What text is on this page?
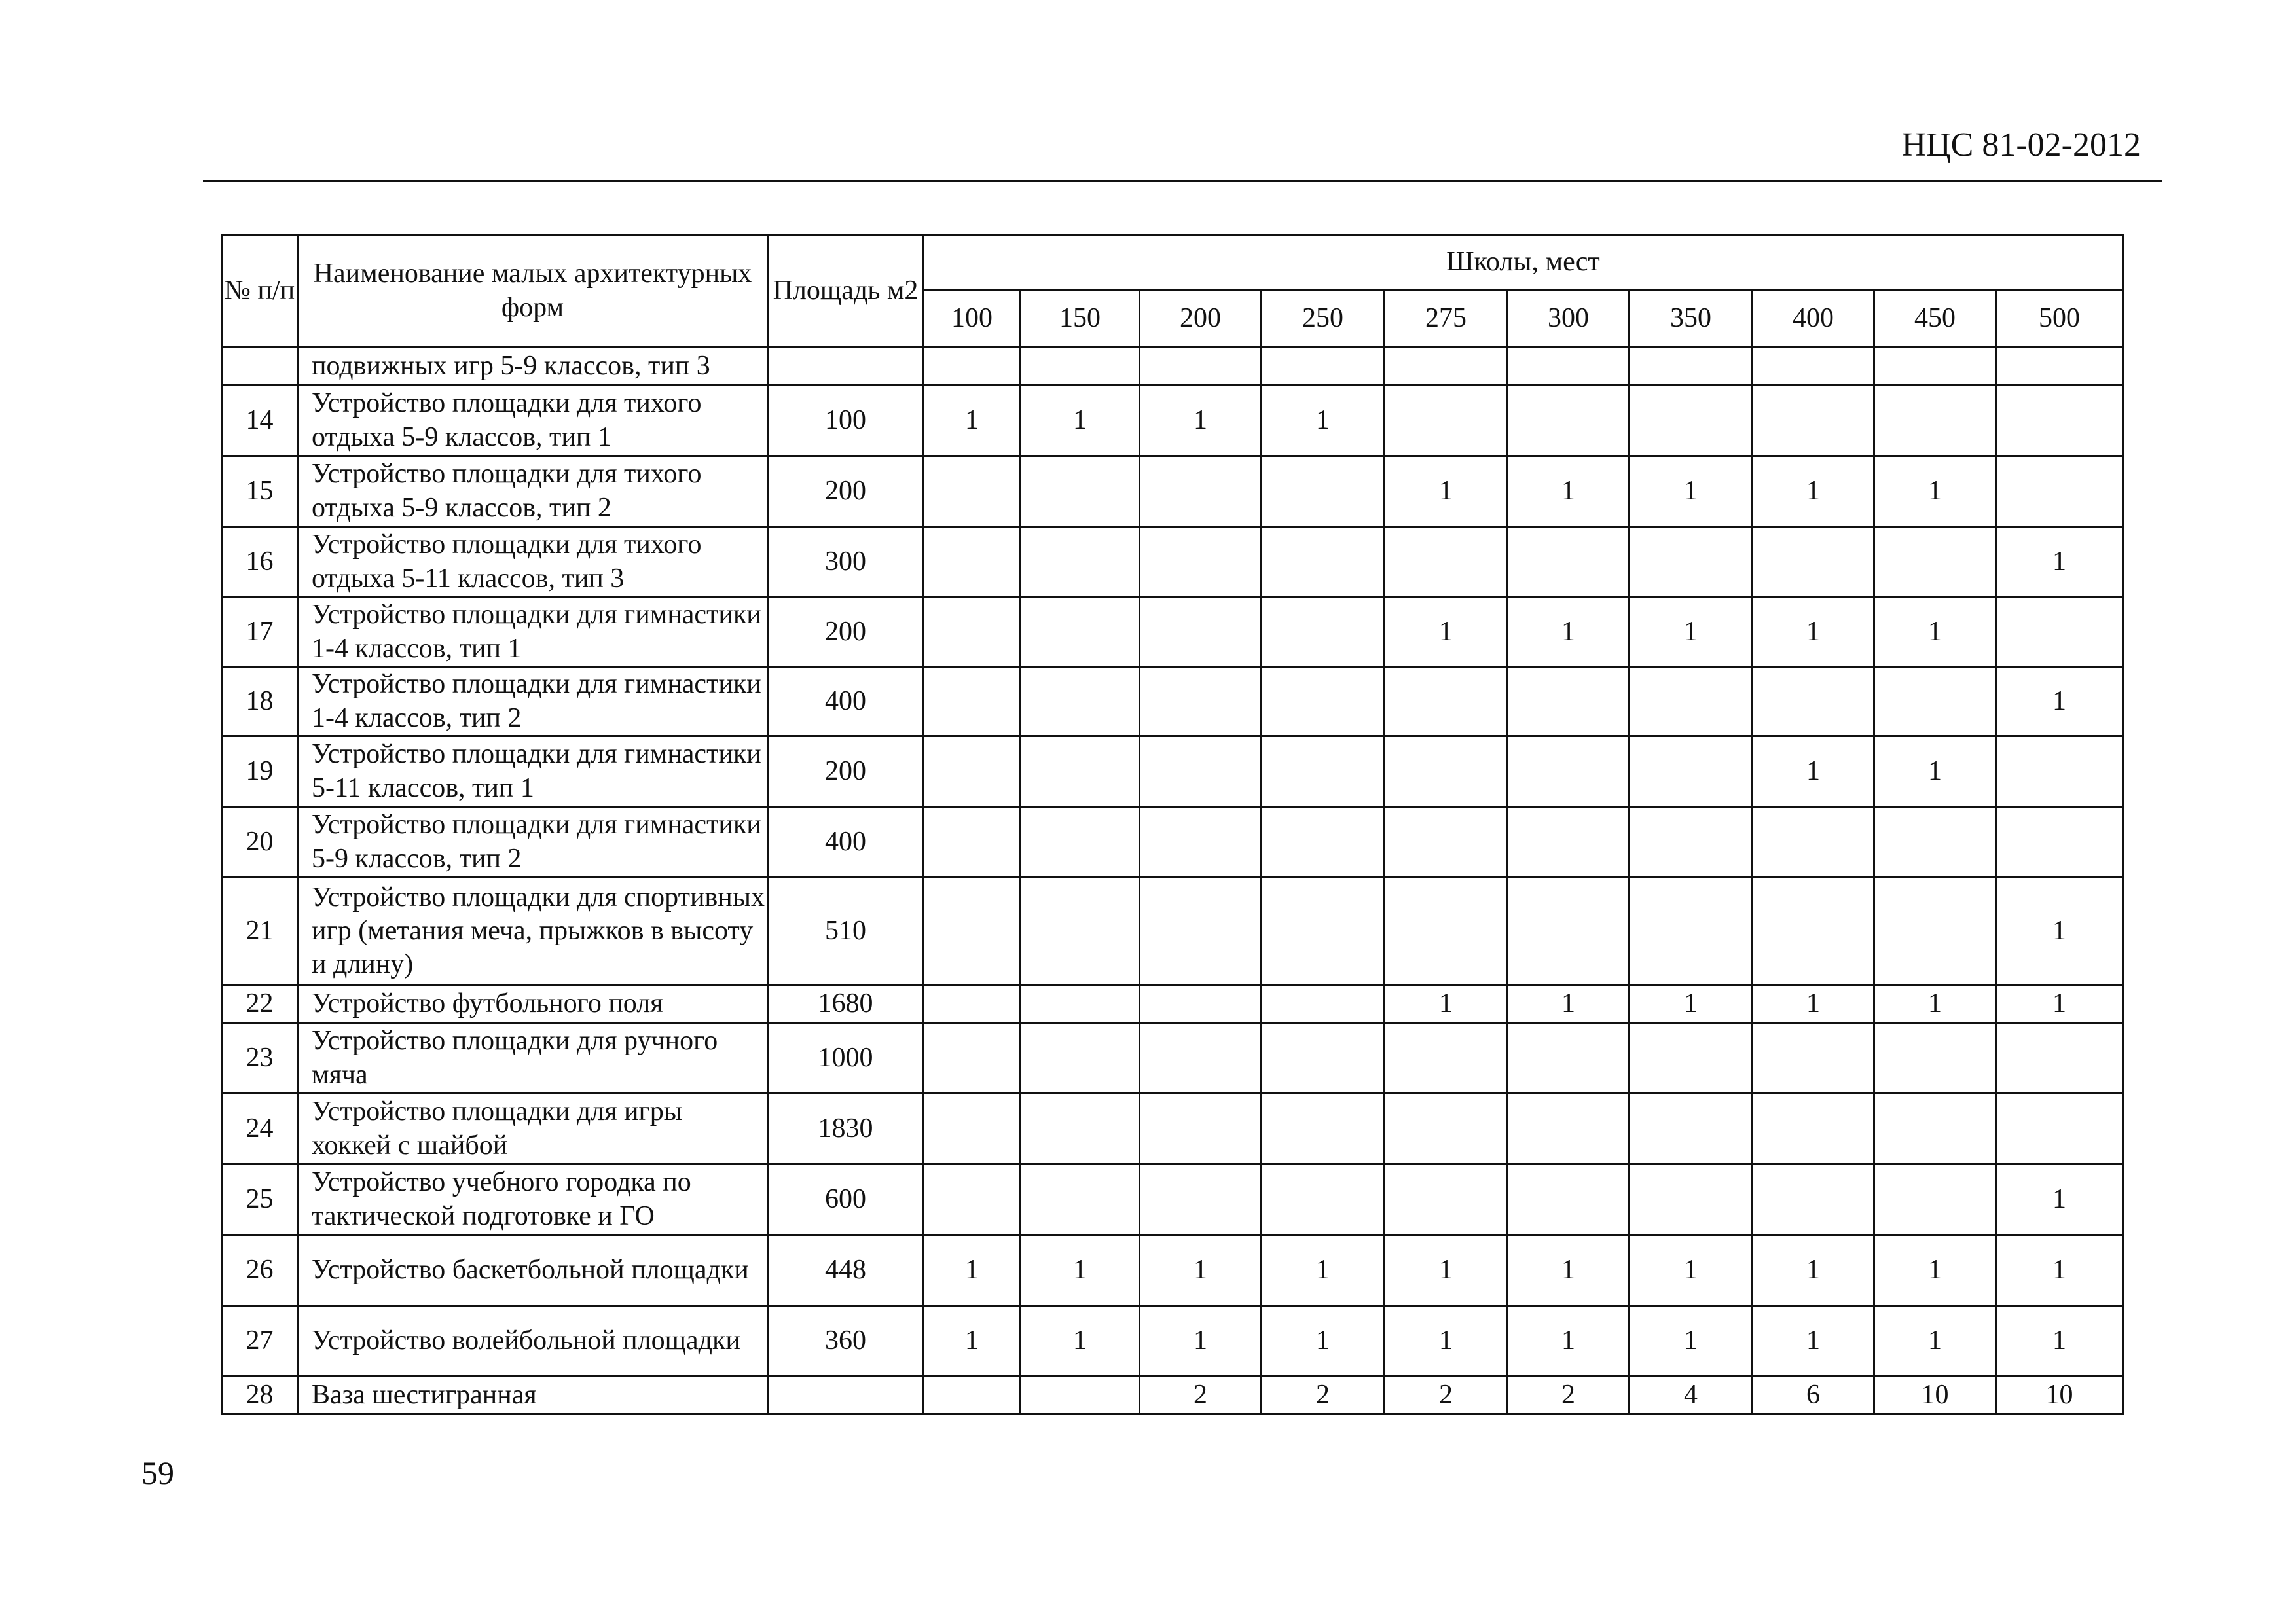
НЦС 81-02-2012
№ п/п	Наименование малых архитектурных форм	Площадь м2	Школы, мест									
			100	150	200	250	275	300	350	400	450	500
	подвижных игр 5-9 классов, тип 3											
14	Устройство площадки для тихого отдыха 5-9 классов, тип 1	100	1	1	1	1						
15	Устройство площадки для тихого отдыха 5-9 классов, тип 2	200					1	1	1	1	1	
16	Устройство площадки для тихого отдыха 5-11 классов, тип 3	300										1
17	Устройство площадки для гимнастики 1-4 классов, тип 1	200					1	1	1	1	1	
18	Устройство площадки для гимнастики 1-4 классов, тип 2	400										1
19	Устройство площадки для гимнастики 5-11 классов, тип 1	200								1	1	
20	Устройство площадки для гимнастики 5-9 классов, тип 2	400										
21	Устройство площадки для спортивных игр (метания меча, прыжков в высоту и длину)	510										1
22	Устройство футбольного поля	1680					1	1	1	1	1	1
23	Устройство площадки для ручного мяча	1000										
24	Устройство площадки для игры хоккей с шайбой	1830										
25	Устройство учебного городка по тактической подготовке и ГО	600										1
26	Устройство баскетбольной площадки	448	1	1	1	1	1	1	1	1	1	1
27	Устройство волейбольной площадки	360	1	1	1	1	1	1	1	1	1	1
28	Ваза шестигранная				2	2	2	2	4	6	10	10
59
